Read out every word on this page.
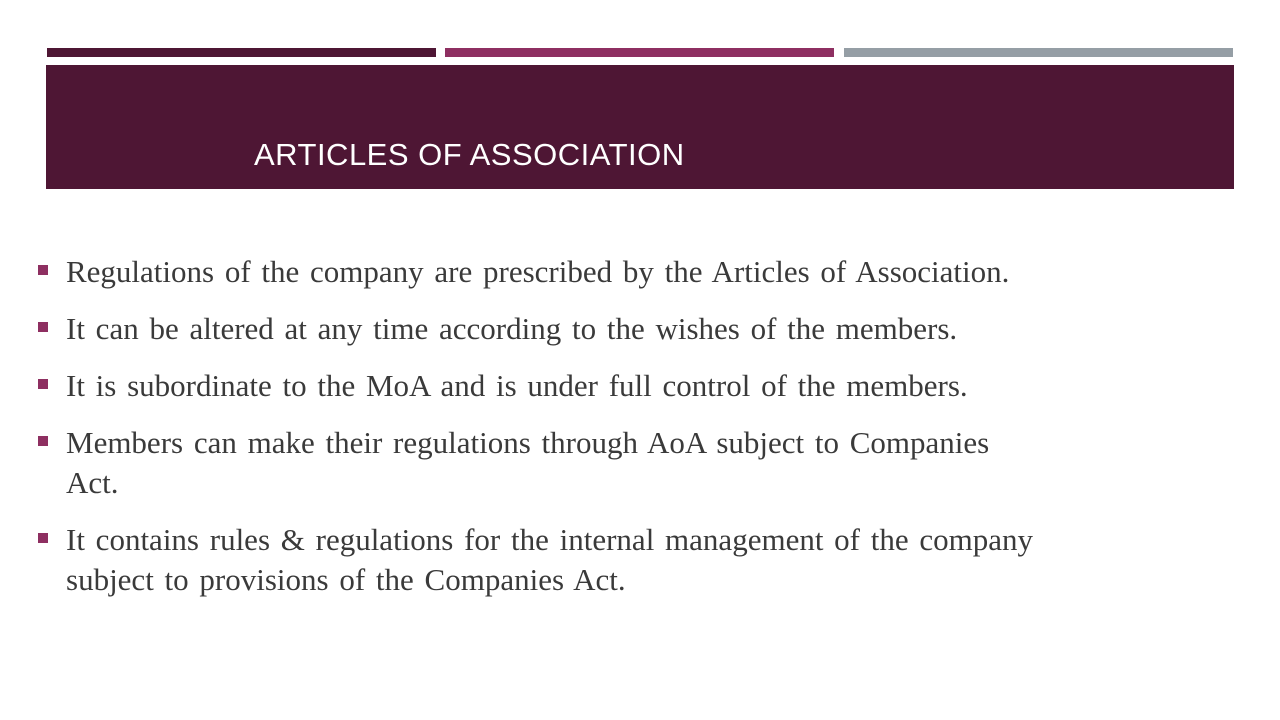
ARTICLES OF ASSOCIATION
Regulations of the company are prescribed by the Articles of Association.
It can be altered at any time according to the wishes of the members.
It is subordinate to the MoA and is under full control of the members.
Members can make their regulations through AoA subject to Companies Act.
It contains rules & regulations for the internal management of the company subject to provisions of the Companies Act.
